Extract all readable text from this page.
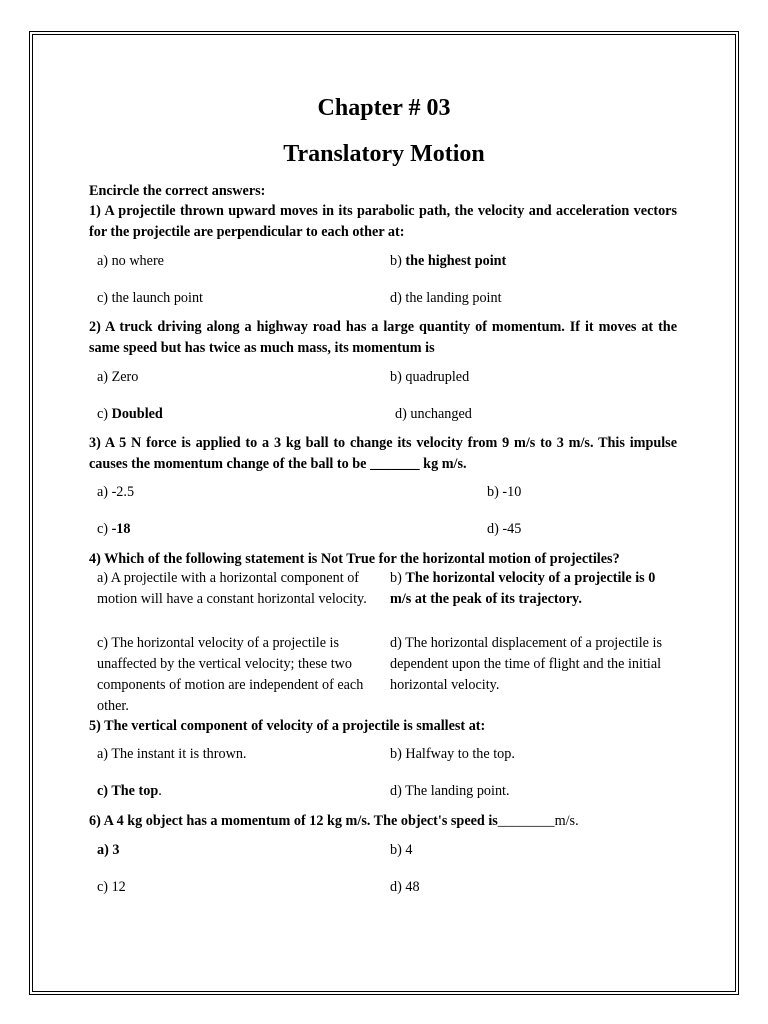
Chapter # 03
Translatory Motion
Encircle the correct answers:
1) A projectile thrown upward moves in its parabolic path, the velocity and acceleration vectors for the projectile are perpendicular to each other at:
a) no where	b) the highest point
c) the launch point	d) the landing point
2) A truck driving along a highway road has a large quantity of momentum. If it moves at the same speed but has twice as much mass, its momentum is
a) Zero	b) quadrupled
c) Doubled	d) unchanged
3) A 5 N force is applied to a 3 kg ball to change its velocity from 9 m/s to 3 m/s. This impulse causes the momentum change of the ball to be _______ kg m/s.
a) -2.5	b) -10
c) -18	d) -45
4) Which of the following statement is Not True for the horizontal motion of projectiles?
a) A projectile with a horizontal component of motion will have a constant horizontal velocity.
b) The horizontal velocity of a projectile is 0 m/s at the peak of its trajectory.
c) The horizontal velocity of a projectile is unaffected by the vertical velocity; these two components of motion are independent of each other.
d) The horizontal displacement of a projectile is dependent upon the time of flight and the initial horizontal velocity.
5) The vertical component of velocity of a projectile is smallest at:
a) The instant it is thrown.	b) Halfway to the top.
c) The top.	d) The landing point.
6) A 4 kg object has a momentum of 12 kg m/s. The object's speed is________m/s.
a) 3	b) 4
c) 12	d) 48
